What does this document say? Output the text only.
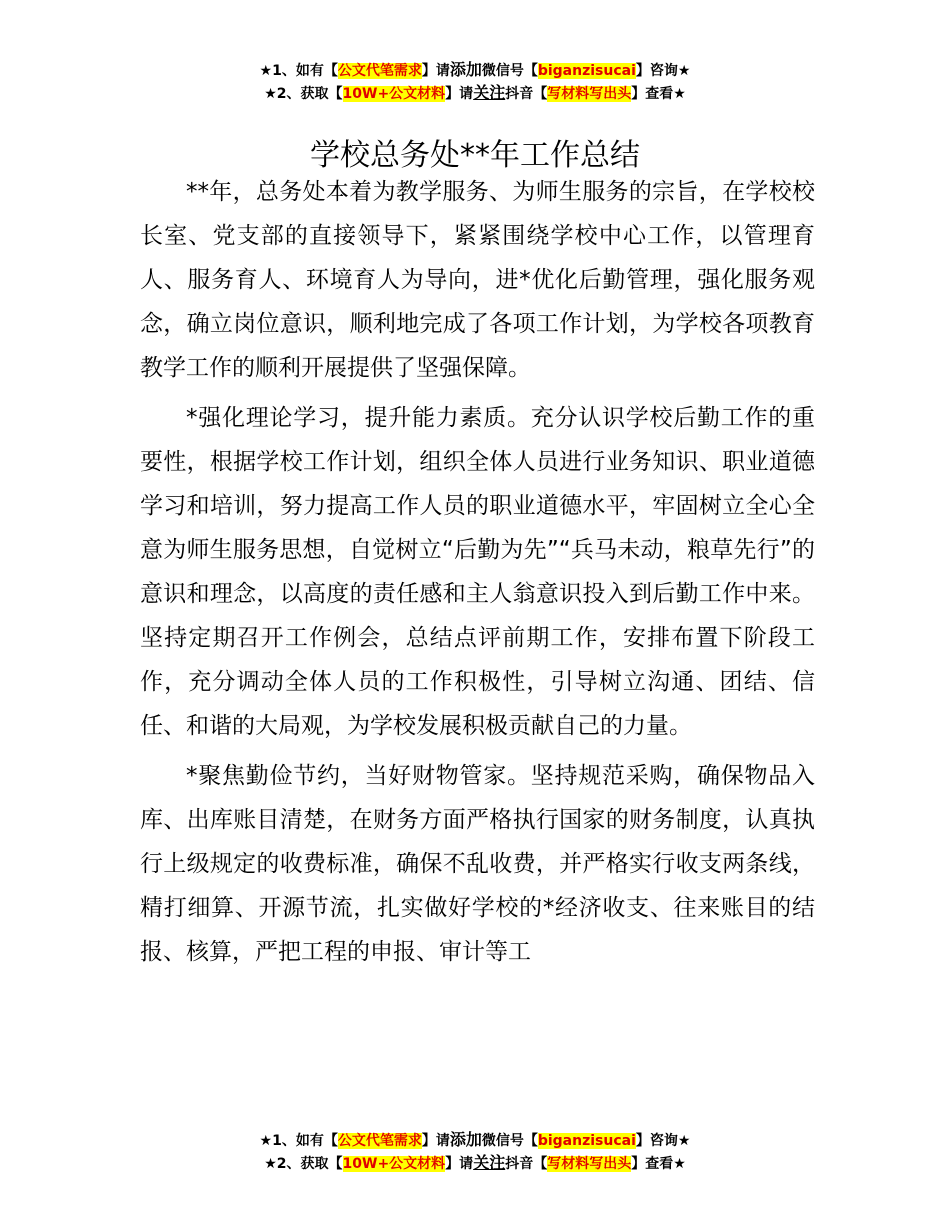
★1、如有【公文代笔需求】请添加微信号【biganzisucai】咨询★
★2、获取【10W+公文材料】请关注抖音【写材料写出头】查看★
学校总务处**年工作总结

**年，总务处本着为教学服务、为师生服务的宗旨，在学校校长室、党支部的直接领导下，紧紧围绕学校中心工作，以管理育人、服务育人、环境育人为导向，进*优化后勤管理，强化服务观念，确立岗位意识，顺利地完成了各项工作计划，为学校各项教育教学工作的顺利开展提供了坚强保障。

*强化理论学习，提升能力素质。充分认识学校后勤工作的重要性，根据学校工作计划，组织全体人员进行业务知识、职业道德学习和培训，努力提高工作人员的职业道德水平，牢固树立全心全意为师生服务思想，自觉树立“后勤为先”“兵马未动，粮草先行”的意识和理念，以高度的责任感和主人翁意识投入到后勤工作中来。坚持定期召开工作例会，总结点评前期工作，安排布置下阶段工作，充分调动全体人员的工作积极性，引导树立沟通、团结、信任、和谐的大局观，为学校发展积极贡献自己的力量。

*聚焦勤俭节约，当好财物管家。坚持规范采购，确保物品入库、出库账目清楚，在财务方面严格执行国家的财务制度，认真执行上级规定的收费标准，确保不乱收费，并严格实行收支两条线，精打细算、开源节流，扎实做好学校的*经济收支、往来账目的结报、核算，严把工程的申报、审计等工

★1、如有【公文代笔需求】请添加微信号【biganzisucai】咨询★
★2、获取【10W+公文材料】请关注抖音【写材料写出头】查看★
